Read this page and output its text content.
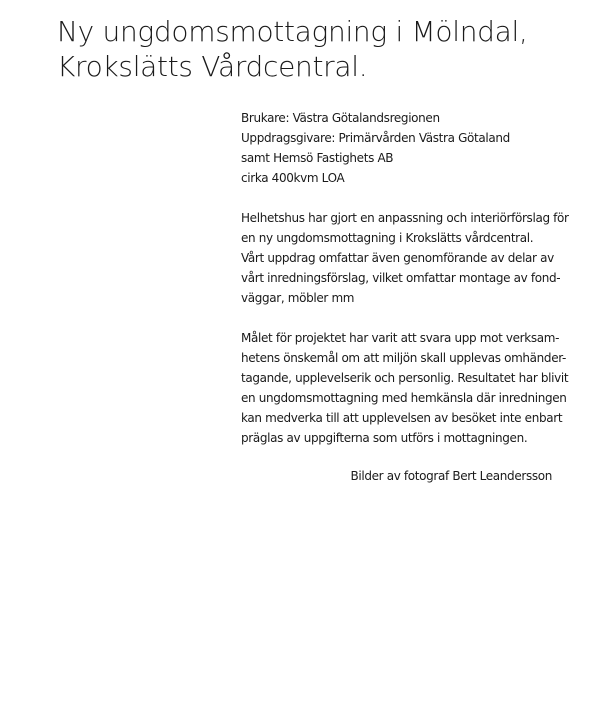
Ny ungdomsmottagning i Mölndal,
Krokslätts Vårdcentral.
Brukare: Västra Götalandsregionen
Uppdragsgivare: Primärvården Västra Götaland
samt Hemsö Fastighets AB
cirka 400kvm LOA
Helhetshus har gjort en anpassning och interiörförslag för
en ny ungdomsmottagning i Krokslätts vårdcentral.
Vårt uppdrag omfattar även genomförande av delar av
vårt inredningsförslag, vilket omfattar montage av fond-
väggar, möbler mm
Målet för projektet har varit att svara upp mot verksam-
hetens önskemål om att miljön skall upplevas omhänder-
tagande, upplevelserik och personlig. Resultatet har blivit
en ungdomsmottagning med hemkänsla där inredningen
kan medverka till att upplevelsen av besöket inte enbart
präglas av uppgifterna som utförs i mottagningen.
Bilder av fotograf Bert Leandersson
